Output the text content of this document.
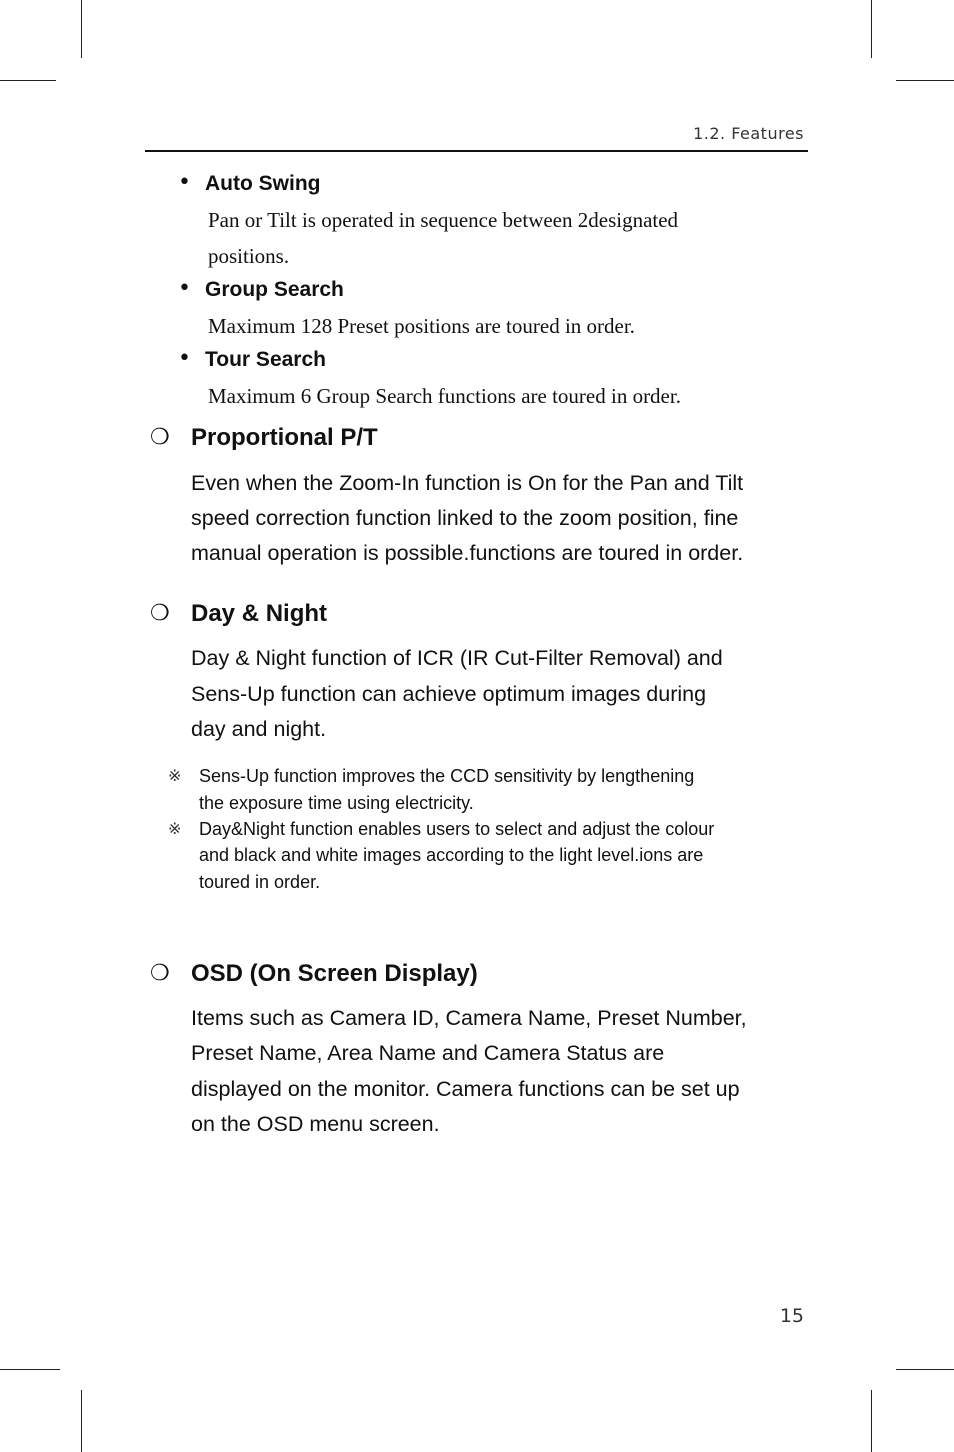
1.2. Features
• Auto Swing
Pan or Tilt is operated in sequence between 2designated
positions.
• Group Search
Maximum 128 Preset positions are toured in order.
• Tour Search
Maximum 6 Group Search functions are toured in order.
❍ Proportional P/T
Even when the Zoom-In function is On for the Pan and Tilt
speed correction function linked to the zoom position, fine
manual operation is possible.functions are toured in order.
❍ Day & Night
Day & Night function of ICR (IR Cut-Filter Removal) and
Sens-Up function can achieve optimum images during
day and night.
※ Sens-Up function improves the CCD sensitivity by lengthening
the exposure time using electricity.
※ Day&Night function enables users to select and adjust the colour
and black and white images according to the light level.ions are
toured in order.
❍ OSD (On Screen Display)
Items such as Camera ID, Camera Name, Preset Number,
Preset Name, Area Name and Camera Status are
displayed on the monitor. Camera functions can be set up
on the OSD menu screen.
15
